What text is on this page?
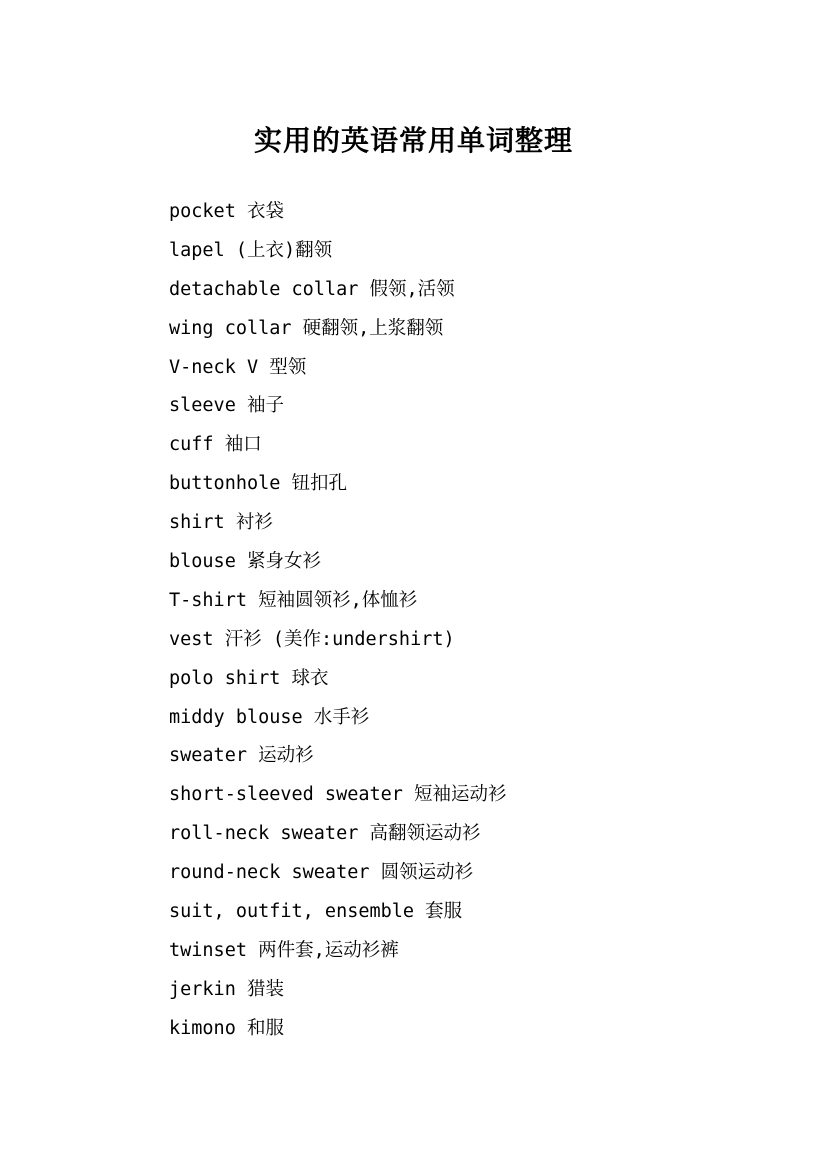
实用的英语常用单词整理
pocket 衣袋
lapel (上衣)翻领
detachable collar 假领,活领
wing collar 硬翻领,上浆翻领
V-neck V 型领
sleeve 袖子
cuff 袖口
buttonhole 钮扣孔
shirt 衬衫
blouse 紧身女衫
T-shirt 短袖圆领衫,体恤衫
vest 汗衫 (美作:undershirt)
polo shirt 球衣
middy blouse 水手衫
sweater 运动衫
short-sleeved sweater 短袖运动衫
roll-neck sweater 高翻领运动衫
round-neck sweater 圆领运动衫
suit, outfit, ensemble 套服
twinset 两件套,运动衫裤
jerkin 猎装
kimono 和服
